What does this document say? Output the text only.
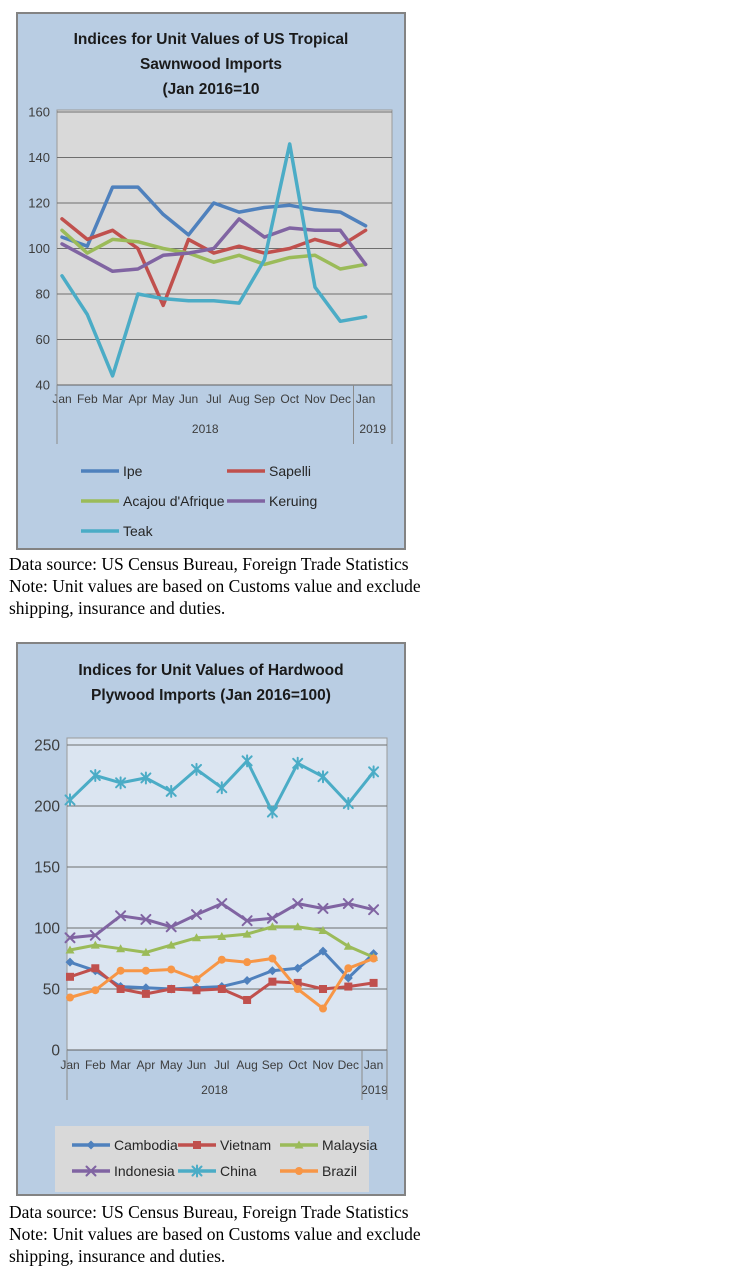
Indices for Unit Values of US Tropical
Sawnwood Imports
(Jan 2016=10
40
60
80
100
120
140
160
Jan Feb Mar Apr May Jun Jul Aug Sep Oct Nov Dec Jan
2018	2019
Ipe	Sapelli
Acajou d'Afrique	Keruing
Teak
Data source: US Census Bureau, Foreign Trade Statistics
Note: Unit values are based on Customs value and exclude shipping, insurance and duties.
Indices for Unit Values of Hardwood
Plywood Imports (Jan 2016=100)
0
50
100
150
200
250
Jan Feb Mar Apr May Jun Jul Aug Sep Oct Nov Dec Jan
2018	2019
Cambodia	Vietnam	Malaysia
Indonesia	China	Brazil
Data source: US Census Bureau, Foreign Trade Statistics
Note: Unit values are based on Customs value and exclude shipping, insurance and duties.
